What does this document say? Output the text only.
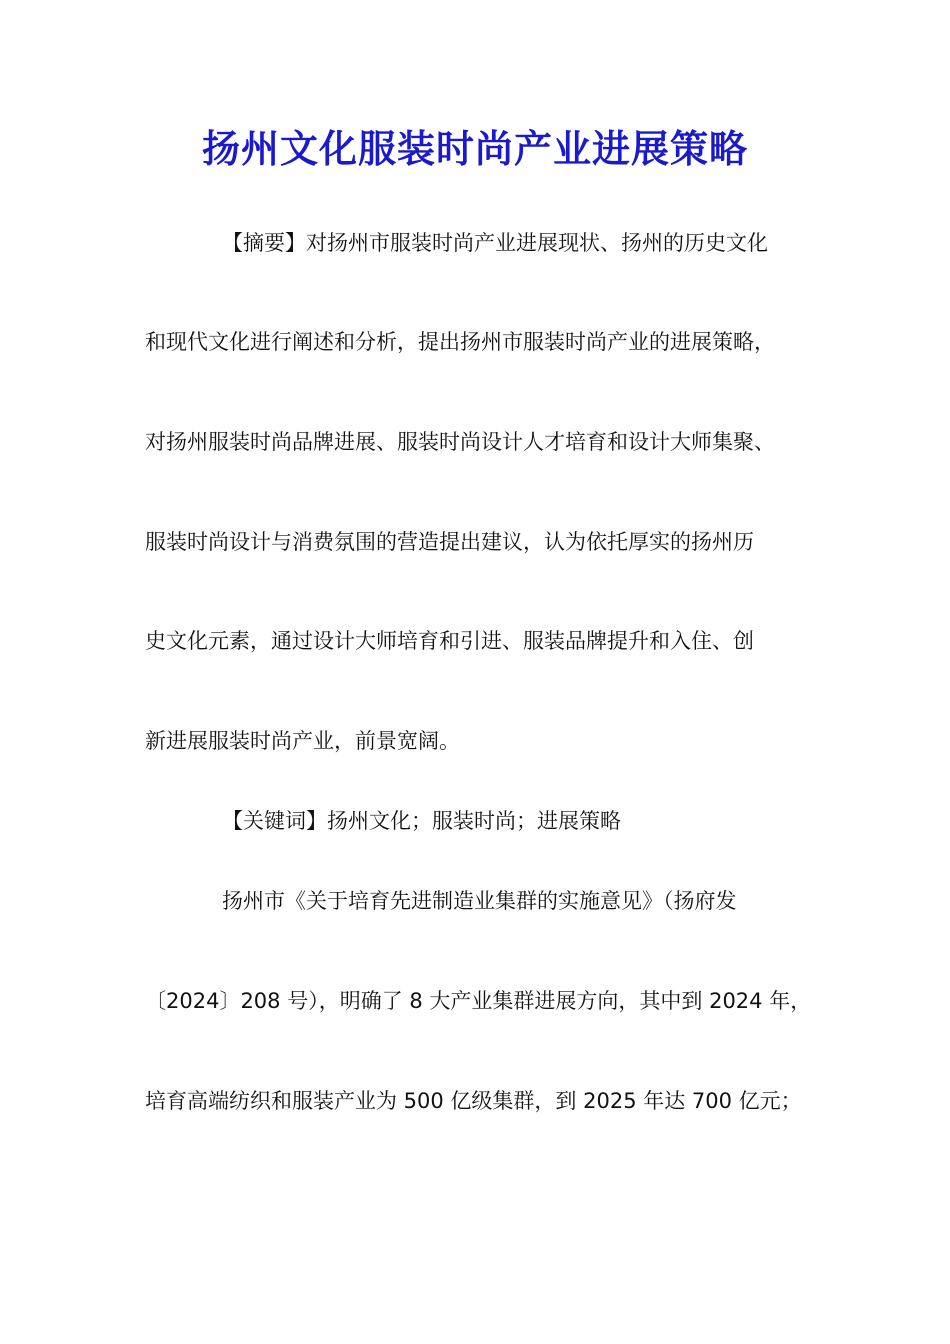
扬州文化服装时尚产业进展策略
【摘要】对扬州市服装时尚产业进展现状、扬州的历史文化
和现代文化进行阐述和分析，提出扬州市服装时尚产业的进展策略，
对扬州服装时尚品牌进展、服装时尚设计人才培育和设计大师集聚、
服装时尚设计与消费氛围的营造提出建议，认为依托厚实的扬州历
史文化元素，通过设计大师培育和引进、服装品牌提升和入住、创
新进展服装时尚产业，前景宽阔。
【关键词】扬州文化；服装时尚；进展策略
扬州市《关于培育先进制造业集群的实施意见》（扬府发
〔2024〕208 号），明确了 8 大产业集群进展方向，其中到 2024 年，
培育高端纺织和服装产业为 500 亿级集群，到 2025 年达 700 亿元；
